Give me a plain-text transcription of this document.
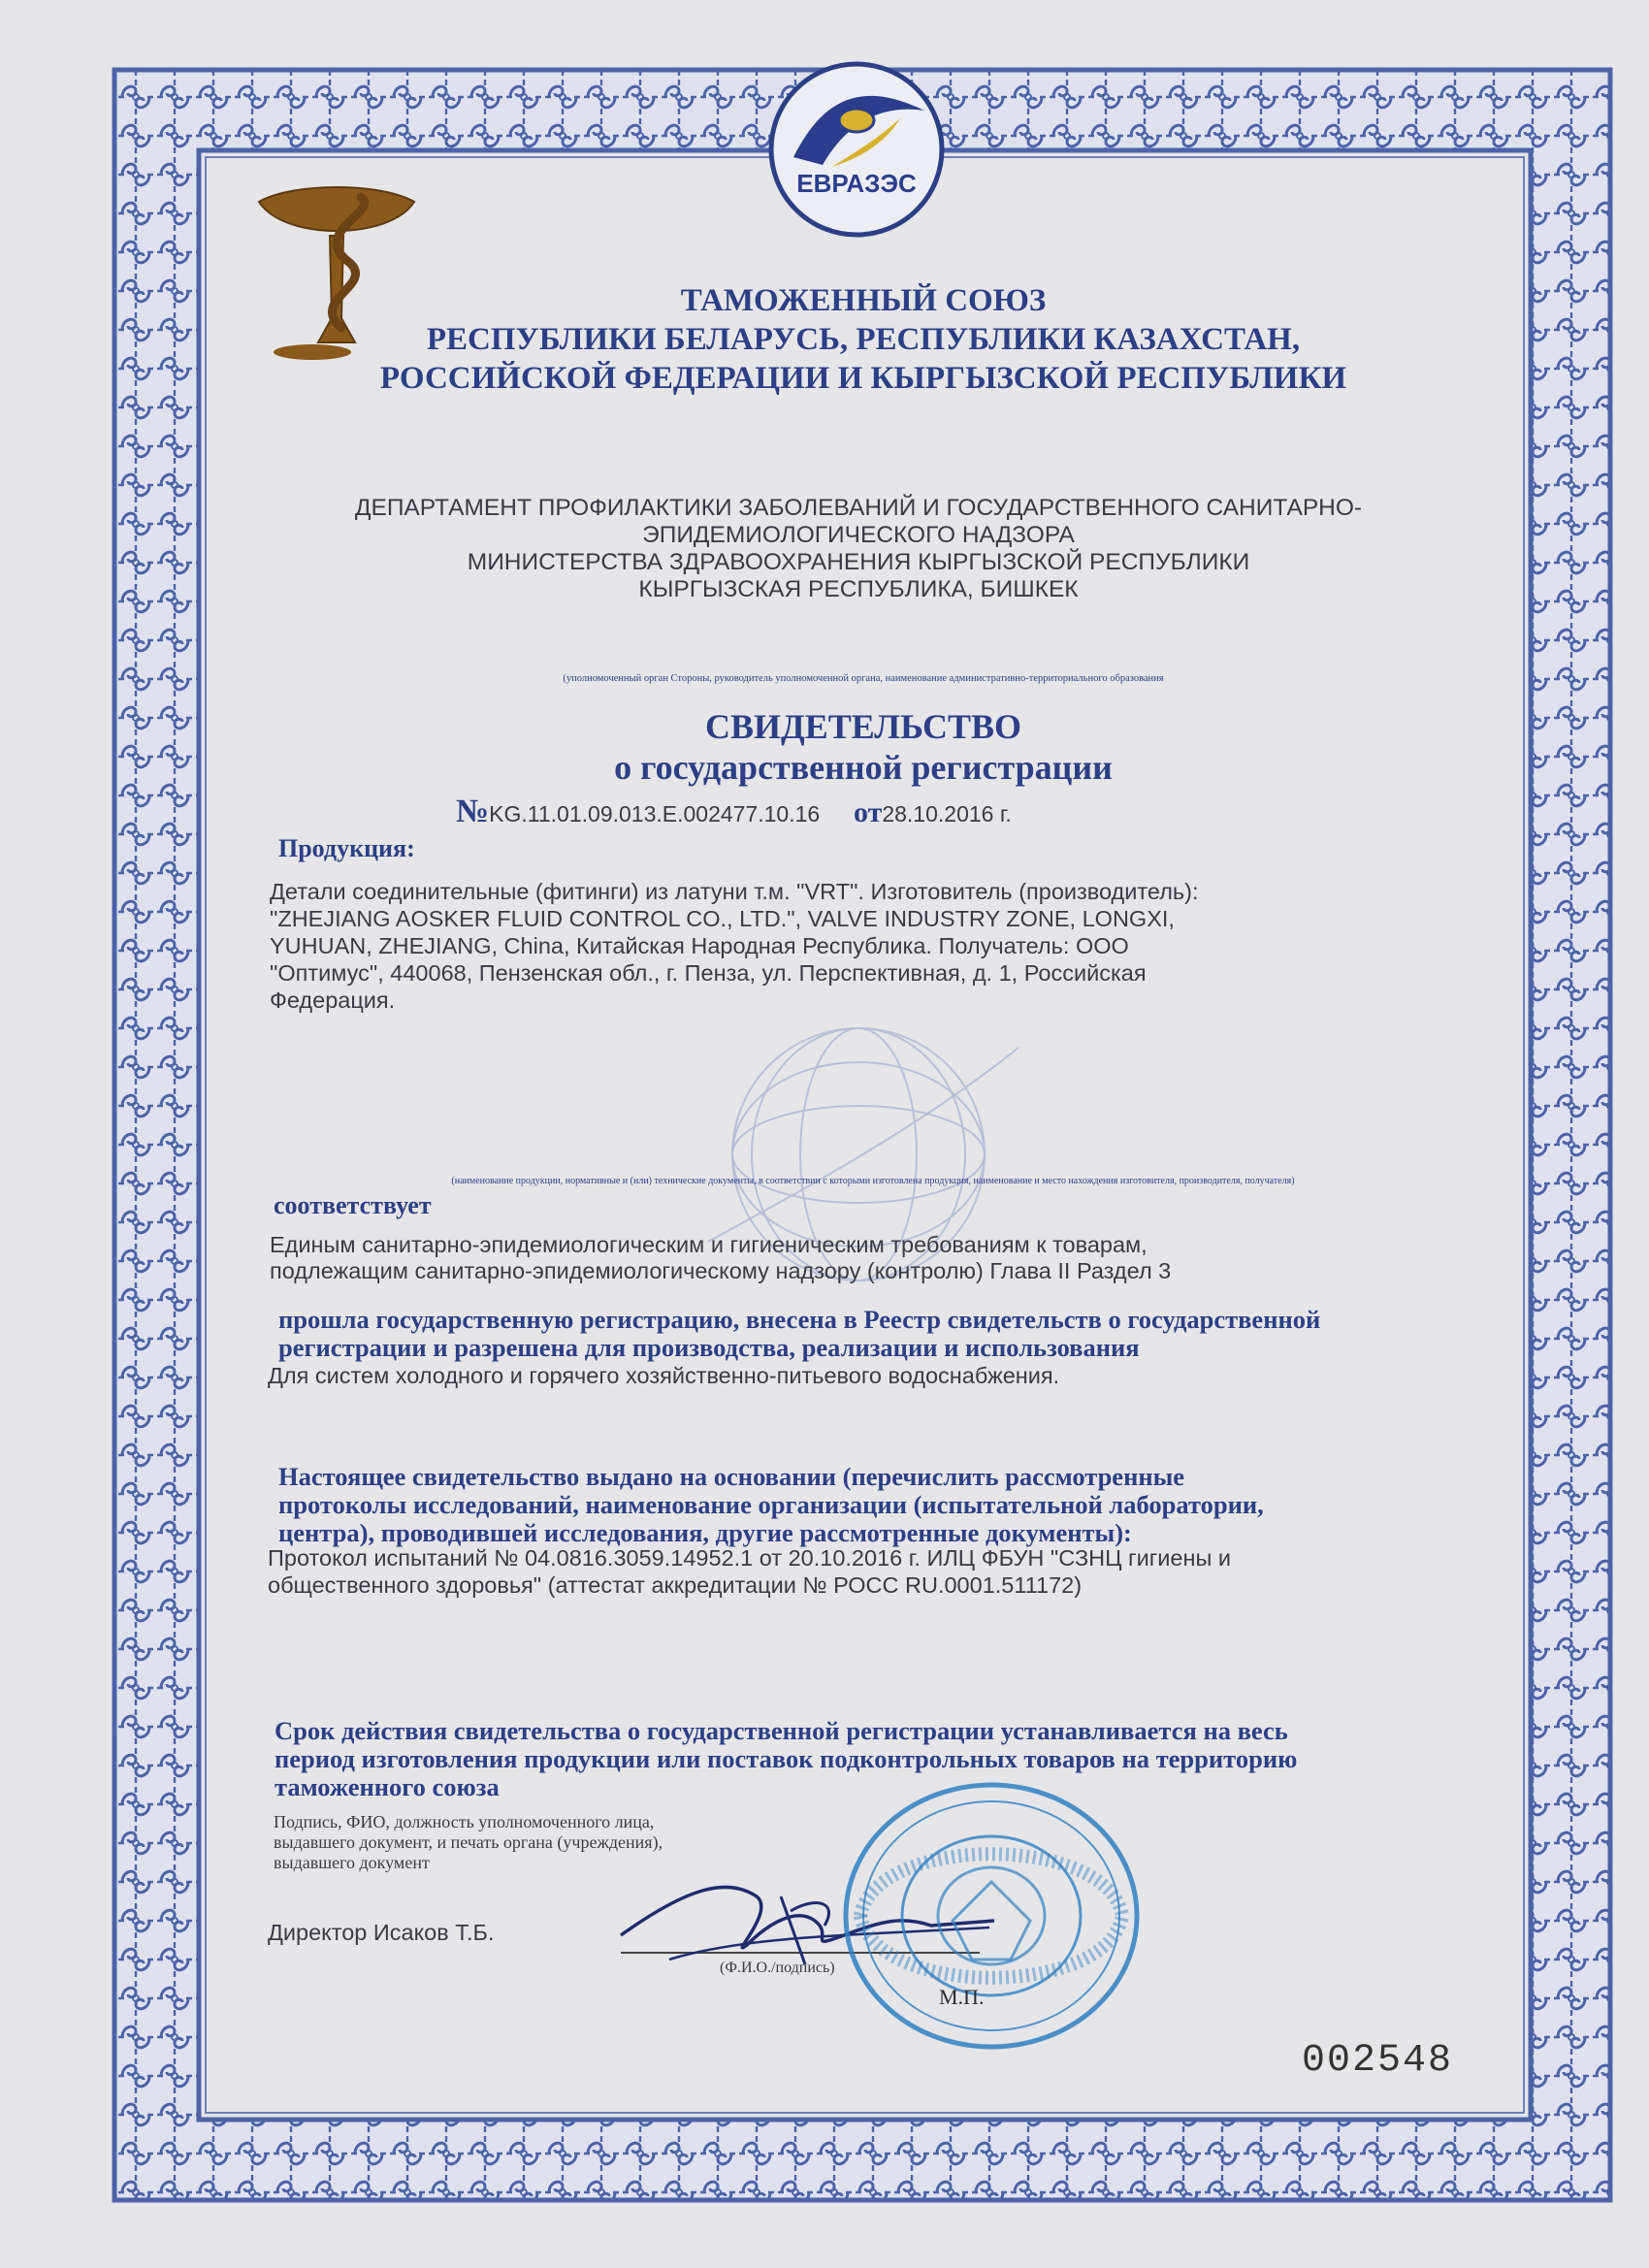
ЕВРАЗЭС
ТАМОЖЕННЫЙ СОЮЗ
РЕСПУБЛИКИ БЕЛАРУСЬ, РЕСПУБЛИКИ КАЗАХСТАН,
РОССИЙСКОЙ ФЕДЕРАЦИИ И КЫРГЫЗСКОЙ РЕСПУБЛИКИ
ДЕПАРТАМЕНТ ПРОФИЛАКТИКИ ЗАБОЛЕВАНИЙ И ГОСУДАРСТВЕННОГО САНИТАРНО-
ЭПИДЕМИОЛОГИЧЕСКОГО НАДЗОРА
МИНИСТЕРСТВА ЗДРАВООХРАНЕНИЯ КЫРГЫЗСКОЙ РЕСПУБЛИКИ
КЫРГЫЗСКАЯ РЕСПУБЛИКА, БИШКЕК
(уполномоченный орган Стороны, руководитель уполномоченной органа, наименование административно-территориального образования
СВИДЕТЕЛЬСТВО
о государственной регистрации
№KG.11.01.09.013.E.002477.10.16 от28.10.2016 г.
Продукция:
Детали соединительные (фитинги) из латуни т.м. "VRT". Изготовитель (производитель):
"ZHEJIANG AOSKER FLUID CONTROL CO., LTD.", VALVE INDUSTRY ZONE, LONGXI,
YUHUAN, ZHEJIANG, China, Китайская Народная Республика. Получатель: ООО
"Оптимус", 440068, Пензенская обл., г. Пенза, ул. Перспективная, д. 1, Российская
Федерация.
(наименование продукции, нормативные и (или) технические документы, в соответствии с которыми изготовлена продукция, наименование и место нахождения изготовителя, производителя, получателя)
соответствует
Единым санитарно-эпидемиологическим и гигиеническим требованиям к товарам,
подлежащим санитарно-эпидемиологическому надзору (контролю) Глава II Раздел 3
прошла государственную регистрацию, внесена в Реестр свидетельств о государственной
регистрации и разрешена для производства, реализации и использования
Для систем холодного и горячего хозяйственно-питьевого водоснабжения.
Настоящее свидетельство выдано на основании (перечислить рассмотренные
протоколы исследований, наименование организации (испытательной лаборатории,
центра), проводившей исследования, другие рассмотренные документы):
Протокол испытаний № 04.0816.3059.14952.1 от 20.10.2016 г. ИЛЦ ФБУН "СЗНЦ гигиены и
общественного здоровья" (аттестат аккредитации № РОСС RU.0001.511172)
Срок действия свидетельства о государственной регистрации устанавливается на весь
период изготовления продукции или поставок подконтрольных товаров на территорию
таможенного союза
Подпись, ФИО, должность уполномоченного лица,
выдавшего документ, и печать органа (учреждения),
выдавшего документ
Директор Исаков Т.Б.
(Ф.И.О./подпись)
М.П.
002548
